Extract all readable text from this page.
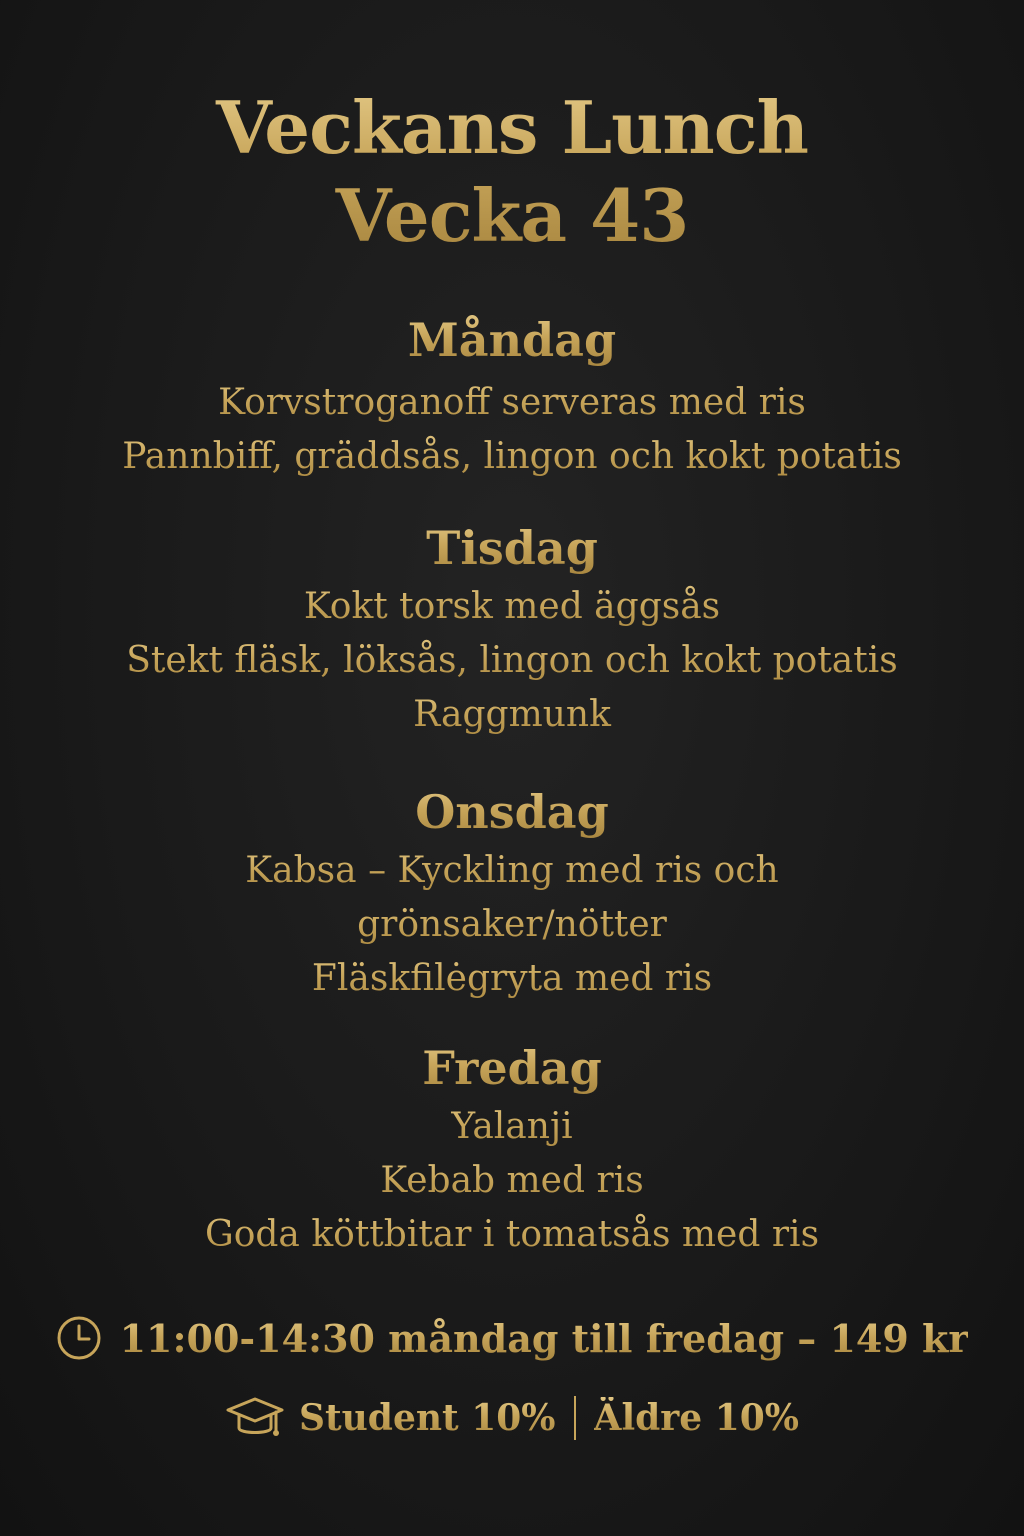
Veckans Lunch
Vecka 43
Måndag
Korvstroganoff serveras med ris
Pannbiff, gräddsås, lingon och kokt potatis
Tisdag
Kokt torsk med äggsås
Stekt fläsk, löksås, lingon och kokt potatis
Raggmunk
Onsdag
Kabsa – Kyckling med ris och
grönsaker/nötter
Fläskfilėgryta med ris
Fredag
Yalanji
Kebab med ris
Goda köttbitar i tomatsås med ris
11:00-14:30 måndag till fredag – 149 kr
Student 10% Äldre 10%
